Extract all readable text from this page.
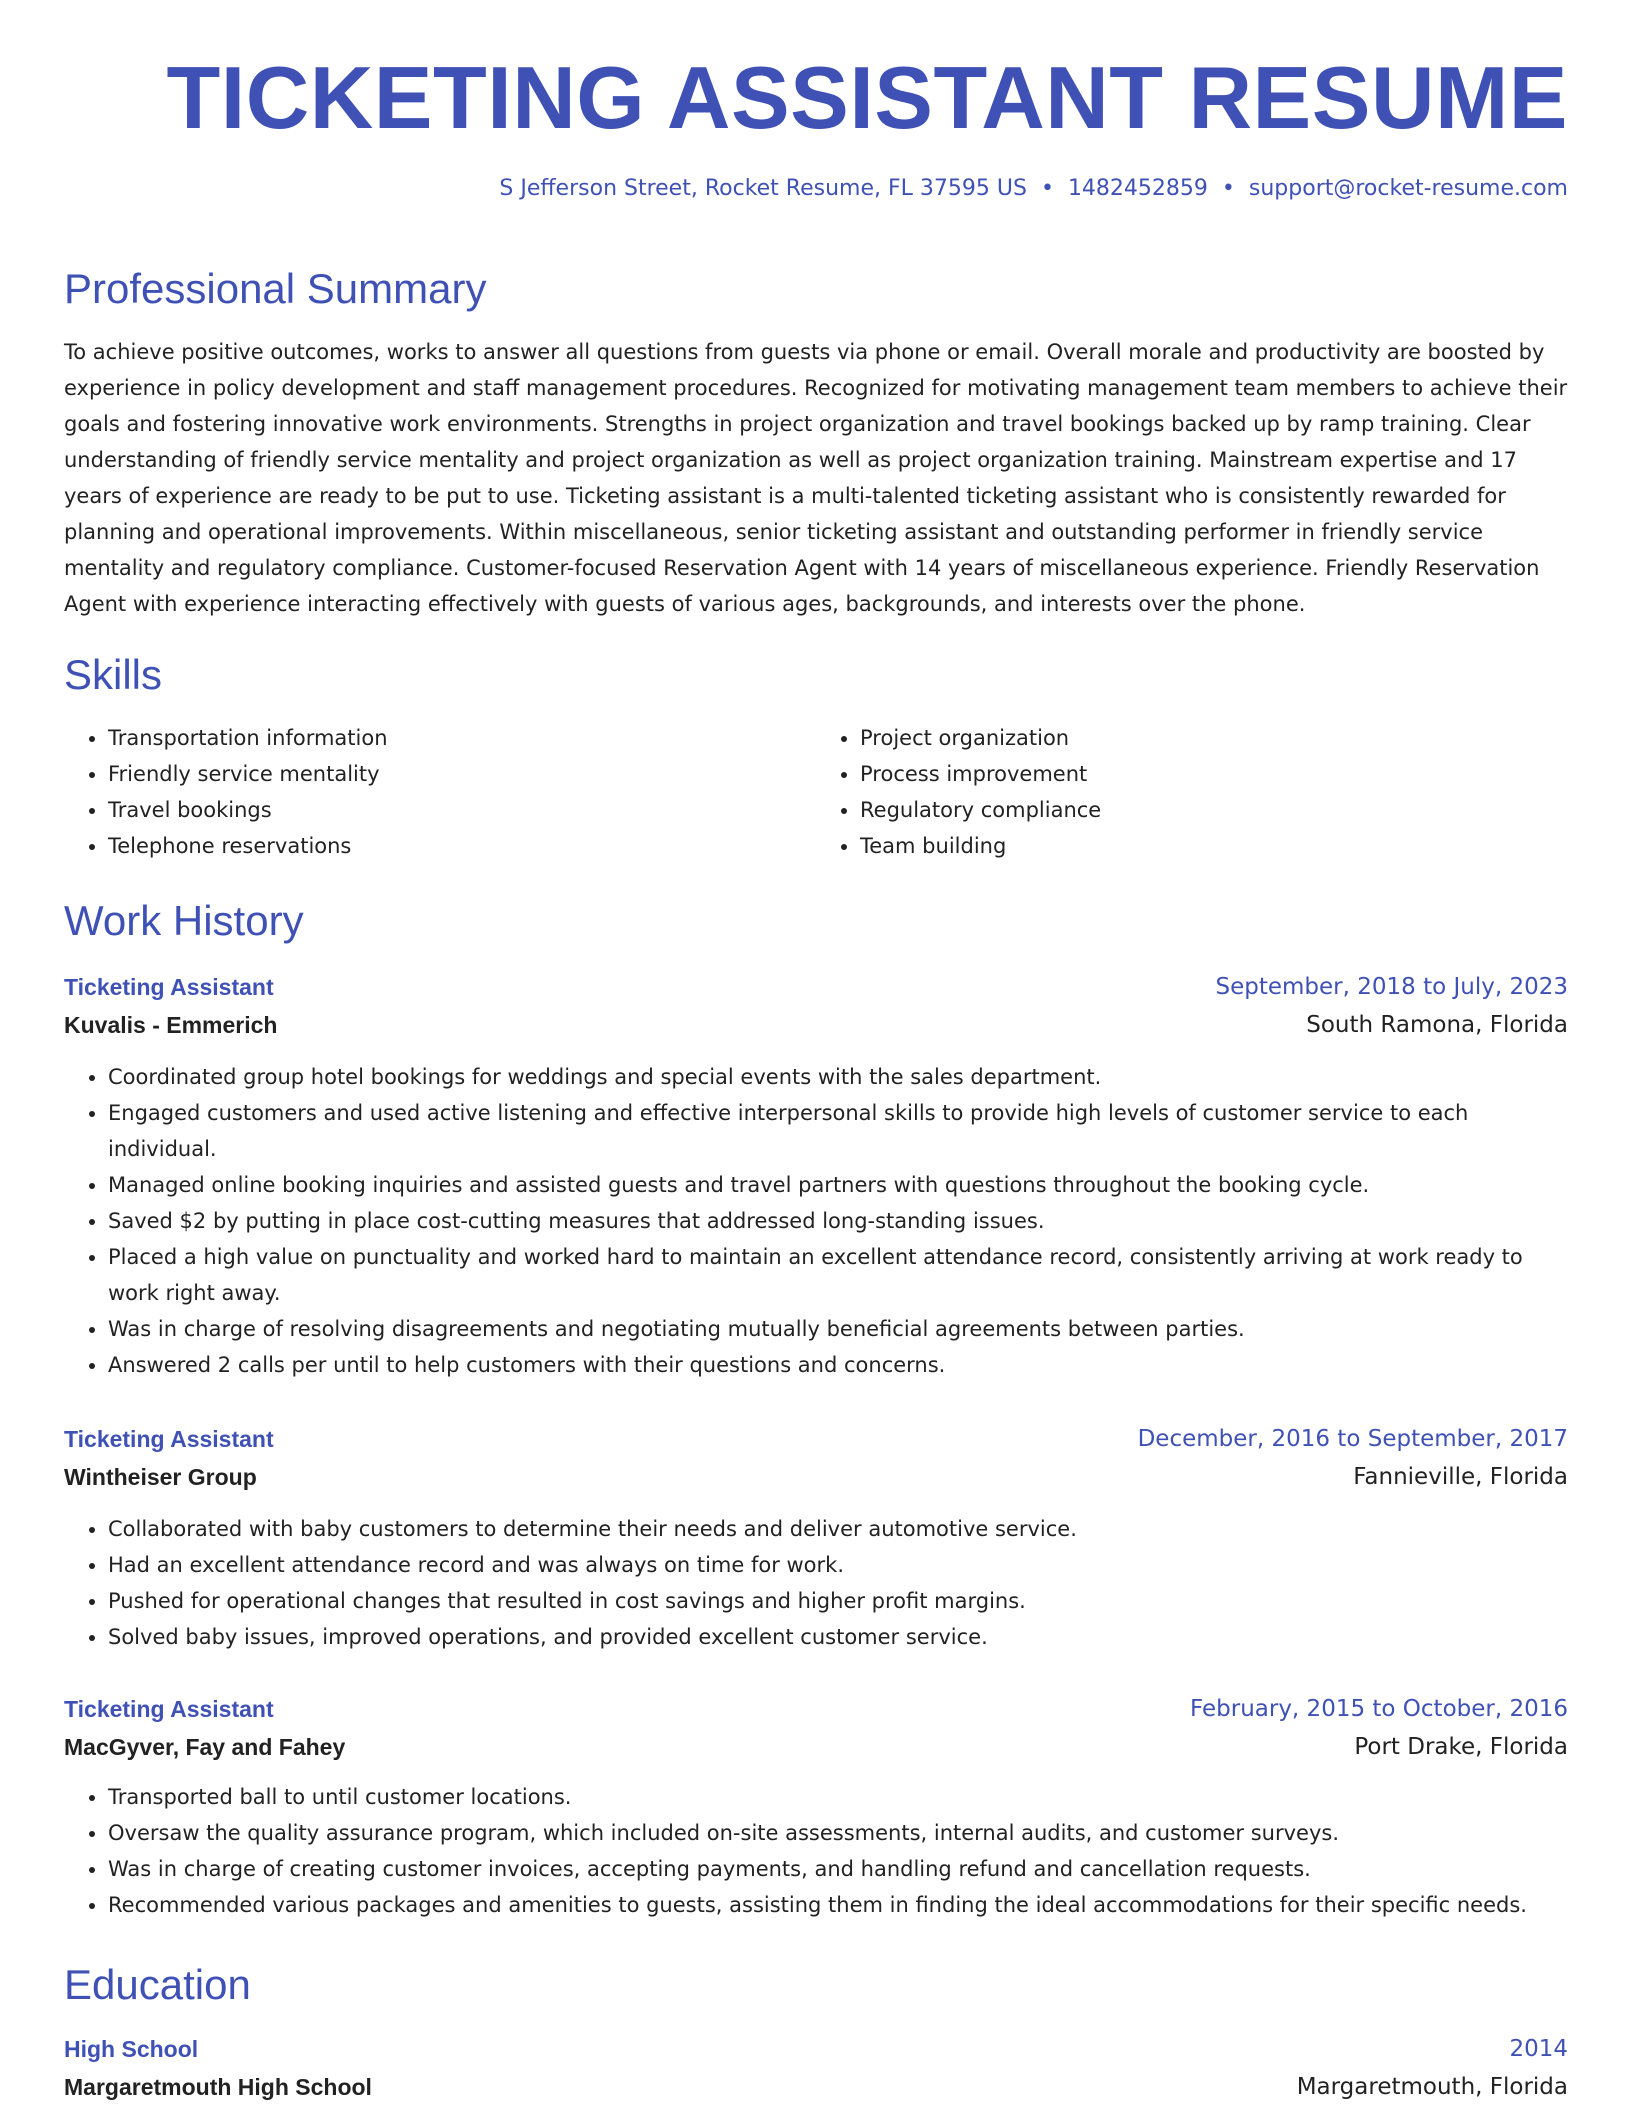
TICKETING ASSISTANT RESUME
S Jefferson Street, Rocket Resume, FL 37595 US • 1482452859 • support@rocket-resume.com
Professional Summary

To achieve positive outcomes, works to answer all questions from guests via phone or email. Overall morale and productivity are boosted by experience in policy development and staff management procedures. Recognized for motivating management team members to achieve their goals and fostering innovative work environments. Strengths in project organization and travel bookings backed up by ramp training. Clear understanding of friendly service mentality and project organization as well as project organization training. Mainstream expertise and 17 years of experience are ready to be put to use. Ticketing assistant is a multi-talented ticketing assistant who is consistently rewarded for planning and operational improvements. Within miscellaneous, senior ticketing assistant and outstanding performer in friendly service mentality and regulatory compliance. Customer-focused Reservation Agent with 14 years of miscellaneous experience. Friendly Reservation Agent with experience interacting effectively with guests of various ages, backgrounds, and interests over the phone.

Skills
• Transportation information
• Friendly service mentality
• Travel bookings
• Telephone reservations
• Project organization
• Process improvement
• Regulatory compliance
• Team building
Work History
Ticketing Assistant	September, 2018 to July, 2023
Kuvalis - Emmerich	South Ramona, Florida
• Coordinated group hotel bookings for weddings and special events with the sales department.
• Engaged customers and used active listening and effective interpersonal skills to provide high levels of customer service to each individual.
• Managed online booking inquiries and assisted guests and travel partners with questions throughout the booking cycle.
• Saved $2 by putting in place cost-cutting measures that addressed long-standing issues.
• Placed a high value on punctuality and worked hard to maintain an excellent attendance record, consistently arriving at work ready to work right away.
• Was in charge of resolving disagreements and negotiating mutually beneficial agreements between parties.
• Answered 2 calls per until to help customers with their questions and concerns.
Ticketing Assistant	December, 2016 to September, 2017
Wintheiser Group	Fannieville, Florida
• Collaborated with baby customers to determine their needs and deliver automotive service.
• Had an excellent attendance record and was always on time for work.
• Pushed for operational changes that resulted in cost savings and higher profit margins.
• Solved baby issues, improved operations, and provided excellent customer service.
Ticketing Assistant	February, 2015 to October, 2016
MacGyver, Fay and Fahey	Port Drake, Florida
• Transported ball to until customer locations.
• Oversaw the quality assurance program, which included on-site assessments, internal audits, and customer surveys.
• Was in charge of creating customer invoices, accepting payments, and handling refund and cancellation requests.
• Recommended various packages and amenities to guests, assisting them in finding the ideal accommodations for their specific needs.
Education
High School	2014
Margaretmouth High School	Margaretmouth, Florida
